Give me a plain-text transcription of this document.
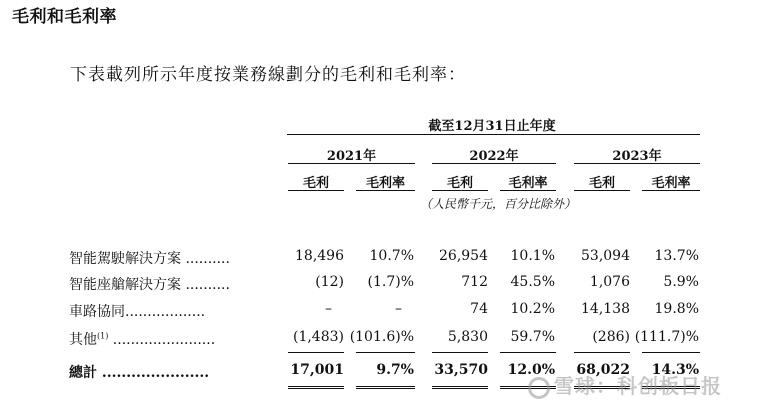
毛利和毛利率
下表載列所示年度按業務線劃分的毛利和毛利率：
截至12月31日止年度
2021年	2022年	2023年
毛利	毛利率	毛利	毛利率	毛利	毛利率
（人民幣千元，百分比除外）
智能駕駛解決方案 ..........	18,496	10.7%	26,954	10.1%	53,094	13.7%
智能座艙解決方案 ..........	(12)	(1.7)%	712	45.5%	1,076	5.9%
車路協同..................	–	–	74	10.2%	14,138	19.8%
其他$^{(1)}$ .......................	(1,483) (101.6)%	5,830	59.7%	(286) (111.7)%
總計 ......................	17,001	9.7%	33,570	12.0%	68,022	14.3%
雪球：科创板日报
